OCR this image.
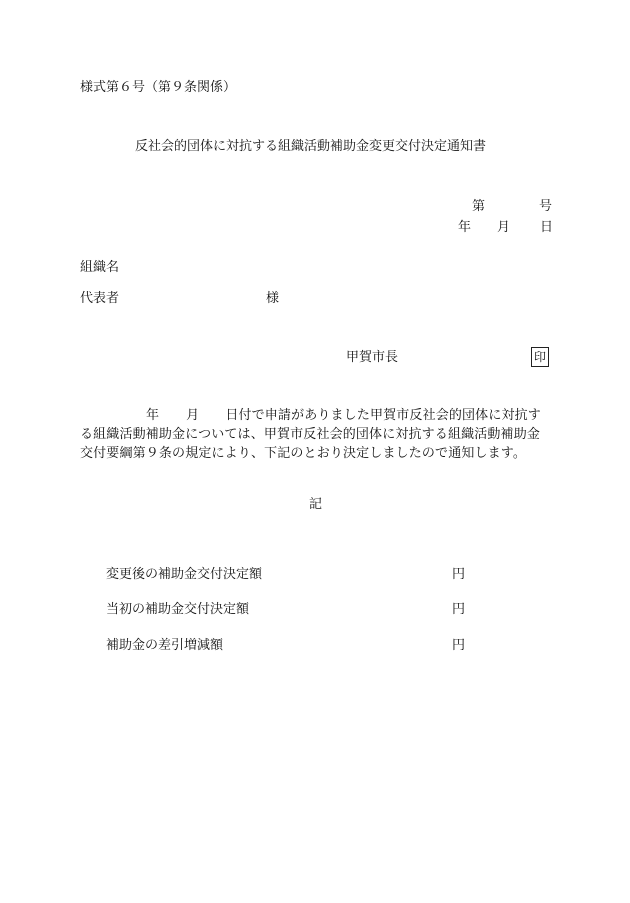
様式第６号（第９条関係）
反社会的団体に対抗する組織活動補助金変更交付決定通知書
第	号
年 月 日
組織名
代表者	様
甲賀市長	印
年 月 日付で申請がありました甲賀市反社会的団体に対抗す
る組織活動補助金については、甲賀市反社会的団体に対抗する組織活動補助金
交付要綱第９条の規定により、下記のとおり決定しましたので通知します。
記
変更後の補助金交付決定額	円
当初の補助金交付決定額	円
補助金の差引増減額	円
